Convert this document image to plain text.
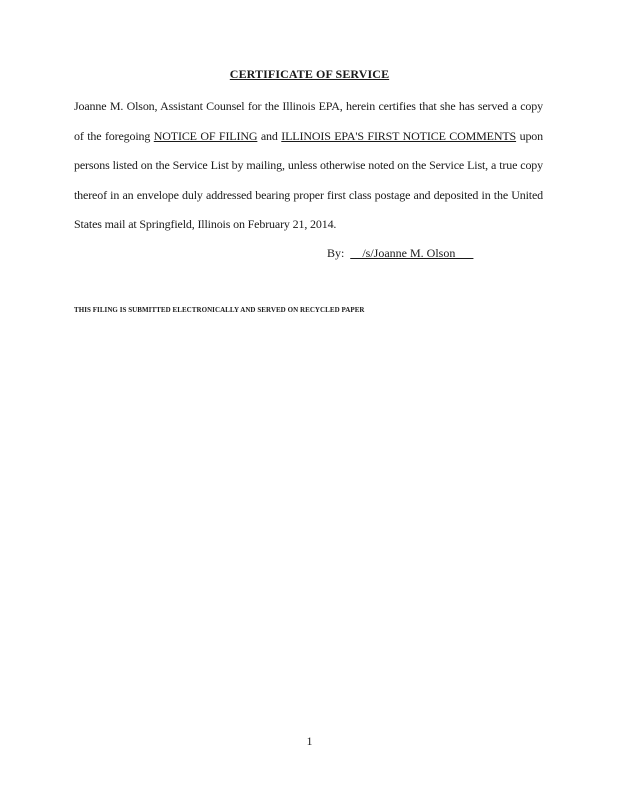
CERTIFICATE OF SERVICE
Joanne M. Olson, Assistant Counsel for the Illinois EPA, herein certifies that she has served a copy of the foregoing NOTICE OF FILING and ILLINOIS EPA'S FIRST NOTICE COMMENTS upon persons listed on the Service List by mailing, unless otherwise noted on the Service List, a true copy thereof in an envelope duly addressed bearing proper first class postage and deposited in the United States mail at Springfield, Illinois on February 21, 2014.
By:  __/s/Joanne M. Olson___
THIS FILING IS SUBMITTED ELECTRONICALLY AND SERVED ON RECYCLED PAPER
1
